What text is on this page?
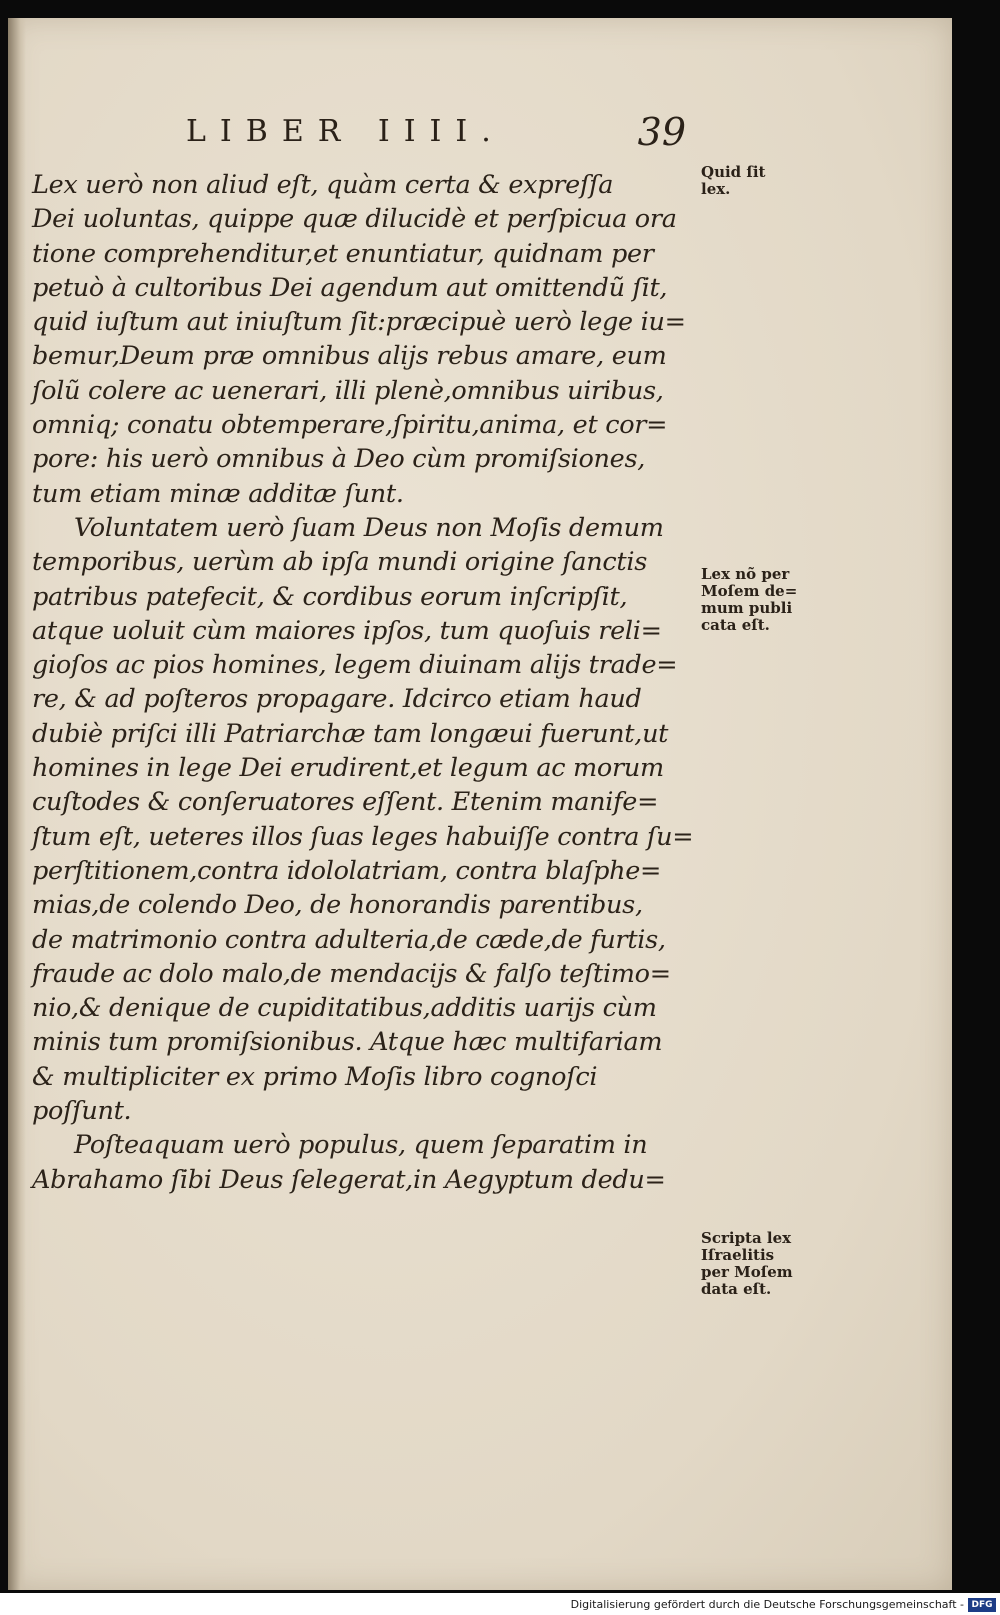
LIBER IIII.	39
Lex uerò non aliud eſt, quàm certa & expreſſa
Dei uoluntas, quippe quæ dilucidè et perſpicua ora
tione comprehenditur,et enuntiatur, quidnam per
petuò à cultoribus Dei agendum aut omittendũ ſit,
quid iuſtum aut iniuſtum ſit:præcipuè uerò lege iu=
bemur,Deum præ omnibus alijs rebus amare, eum
ſolũ colere ac uenerari, illi plenè,omnibus uiribus,
omniq; conatu obtemperare,ſpiritu,anima, et cor=
pore: his uerò omnibus à Deo cùm promiſsiones,
tum etiam minæ additæ ſunt.
Voluntatem uerò ſuam Deus non Moſis demum
temporibus, uerùm ab ipſa mundi origine ſanctis
patribus patefecit, & cordibus eorum inſcripſit,
atque uoluit cùm maiores ipſos, tum quoſuis reli=
gioſos ac pios homines, legem diuinam alijs trade=
re, & ad poſteros propagare. Idcirco etiam haud
dubiè priſci illi Patriarchæ tam longæui fuerunt,ut
homines in lege Dei erudirent,et legum ac morum
cuſtodes & conſeruatores eſſent. Etenim manife=
ſtum eſt, ueteres illos ſuas leges habuiſſe contra ſu=
perſtitionem,contra idololatriam, contra blaſphe=
mias,de colendo Deo, de honorandis parentibus,
de matrimonio contra adulteria,de cæde,de furtis,
fraude ac dolo malo,de mendacijs & falſo teſtimo=
nio,& denique de cupiditatibus,additis uarijs cùm
minis tum promiſsionibus. Atque hæc multifariam
& multipliciter ex primo Moſis libro cognoſci
poſſunt.
Poſteaquam uerò populus, quem ſeparatim in
Abrahamo ſibi Deus ſelegerat,in Aegyptum dedu=
Quid ſit
lex.
Lex nõ per
Moſem de=
mum publi
cata eſt.
Scripta lex
Iſraelitis
per Moſem
data eſt.
Digitalisierung gefördert durch die Deutsche Forschungsgemeinschaft - DFG
